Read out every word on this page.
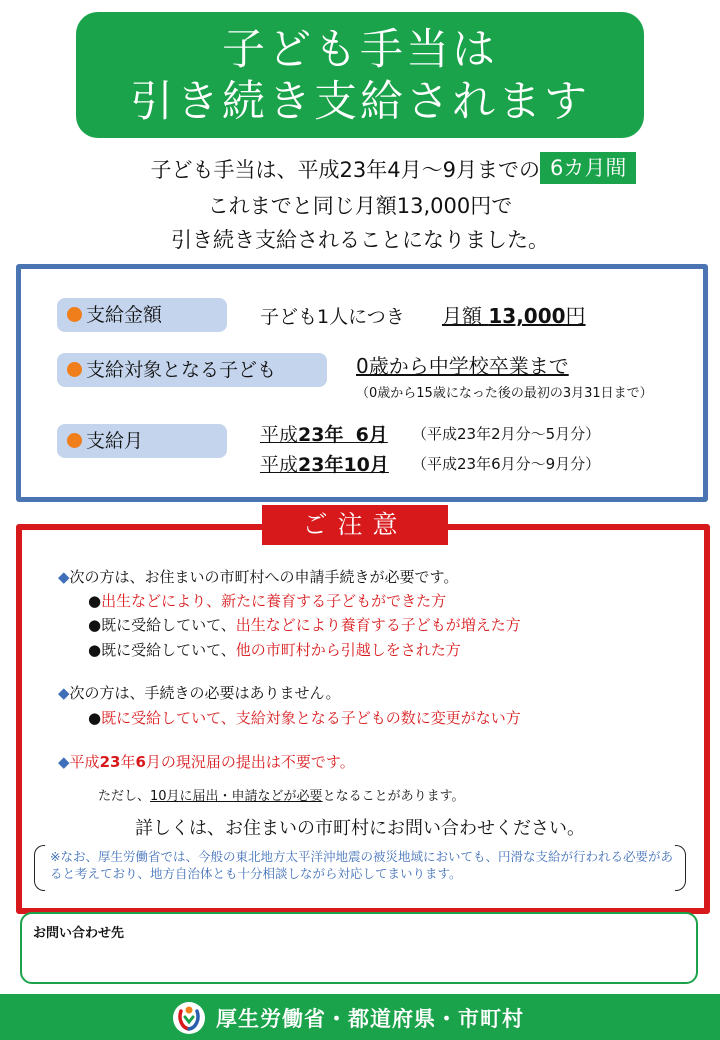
子ども手当は
引き続き支給されます
子ども手当は、平成23年4月～9月までの 6カ月間
これまでと同じ月額13,000円で
引き続き支給されることになりました。
支給金額	子ども1人につき 月額 13,000円
支給対象となる子ども	0歳から中学校卒業まで
（0歳から15歳になった後の最初の3月31日まで）
支給月	平成23年 6月 （平成23年2月分～5月分）
平成23年10月 （平成23年6月分～9月分）
ご注意
◆次の方は、お住まいの市町村への申請手続きが必要です。
●出生などにより、新たに養育する子どもができた方
●既に受給していて、出生などにより養育する子どもが増えた方
●既に受給していて、他の市町村から引越しをされた方
◆次の方は、手続きの必要はありません。
●既に受給していて、支給対象となる子どもの数に変更がない方
◆平成23年6月の現況届の提出は不要です。
ただし、10月に届出・申請などが必要となることがあります。
詳しくは、お住まいの市町村にお問い合わせください。
※なお、厚生労働省では、今般の東北地方太平洋沖地震の被災地域においても、円滑な支給が行われる必要があると考えており、地方自治体とも十分相談しながら対応してまいります。
お問い合わせ先
厚生労働省・都道府県・市町村
